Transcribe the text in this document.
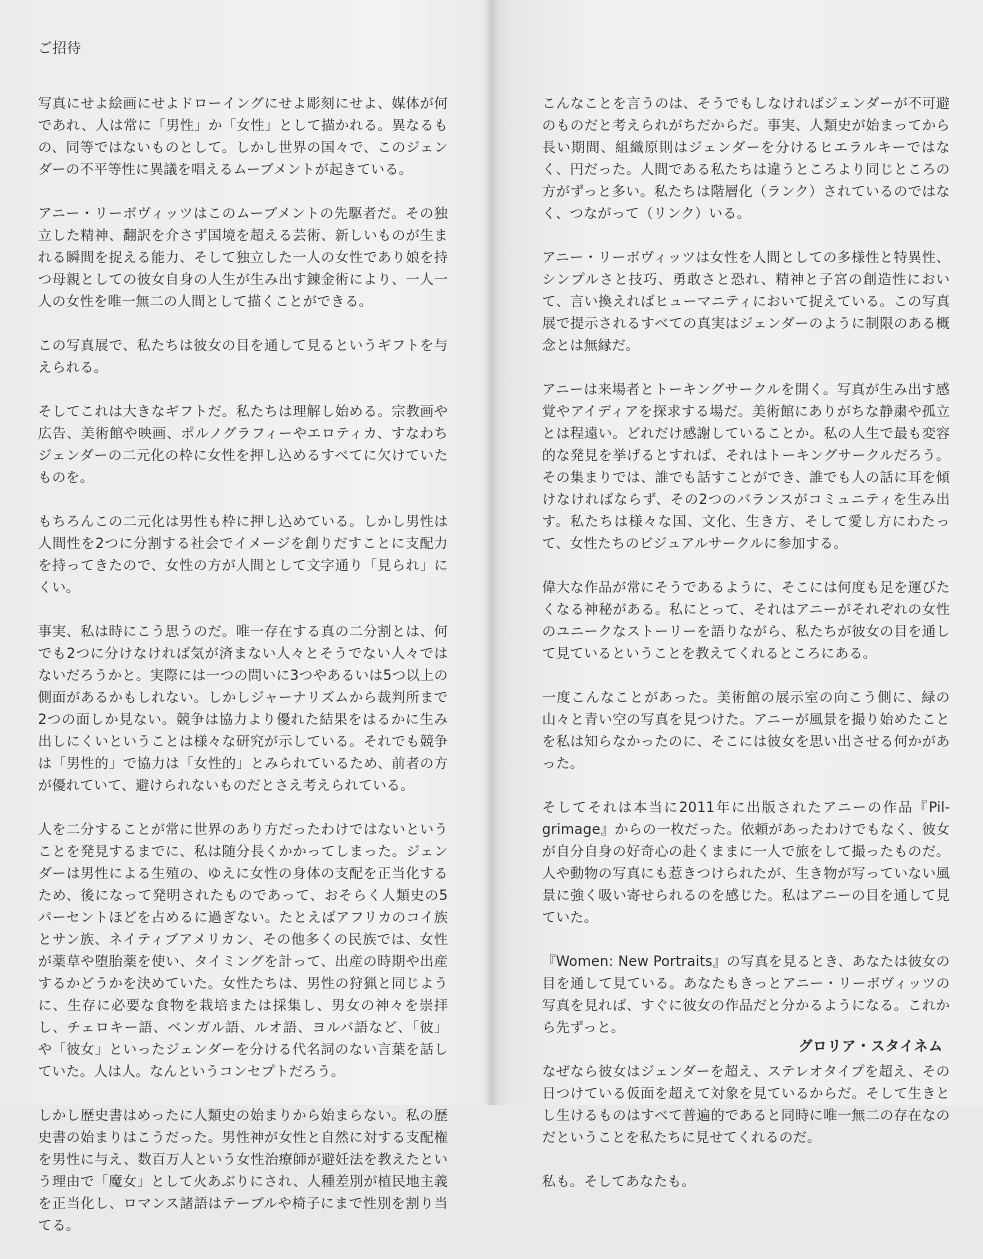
ご招待

写真にせよ絵画にせよドローイングにせよ彫刻にせよ、媒体が何であれ、人は常に「男性」か「女性」として描かれる。異なるもの、同等ではないものとして。しかし世界の国々で、このジェンダーの不平等性に異議を唱えるムーブメントが起きている。

アニー・リーボヴィッツはこのムーブメントの先駆者だ。その独立した精神、翻訳を介さず国境を超える芸術、新しいものが生まれる瞬間を捉える能力、そして独立した一人の女性であり娘を持つ母親としての彼女自身の人生が生み出す錬金術により、一人一人の女性を唯一無二の人間として描くことができる。

この写真展で、私たちは彼女の目を通して見るというギフトを与えられる。

そしてこれは大きなギフトだ。私たちは理解し始める。宗教画や広告、美術館や映画、ポルノグラフィーやエロティカ、すなわちジェンダーの二元化の枠に女性を押し込めるすべてに欠けていたものを。

もちろんこの二元化は男性も枠に押し込めている。しかし男性は人間性を2つに分割する社会でイメージを創りだすことに支配力を持ってきたので、女性の方が人間として文字通り「見られ」にくい。

事実、私は時にこう思うのだ。唯一存在する真の二分割とは、何でも2つに分けなければ気が済まない人々とそうでない人々ではないだろうかと。実際には一つの問いに3つやあるいは5つ以上の側面があるかもしれない。しかしジャーナリズムから裁判所まで2つの面しか見ない。競争は協力より優れた結果をはるかに生み出しにくいということは様々な研究が示している。それでも競争は「男性的」で協力は「女性的」とみられているため、前者の方が優れていて、避けられないものだとさえ考えられている。

人を二分することが常に世界のあり方だったわけではないということを発見するまでに、私は随分長くかかってしまった。ジェンダーは男性による生殖の、ゆえに女性の身体の支配を正当化するため、後になって発明されたものであって、おそらく人類史の5パーセントほどを占めるに過ぎない。たとえばアフリカのコイ族とサン族、ネイティブアメリカン、その他多くの民族では、女性が薬草や堕胎薬を使い、タイミングを計って、出産の時期や出産するかどうかを決めていた。女性たちは、男性の狩猟と同じように、生存に必要な食物を栽培または採集し、男女の神々を崇拝し、チェロキー語、ベンガル語、ルオ語、ヨルバ語など、「彼」や「彼女」といったジェンダーを分ける代名詞のない言葉を話していた。人は人。なんというコンセプトだろう。

しかし歴史書はめったに人類史の始まりから始まらない。私の歴史書の始まりはこうだった。男性神が女性と自然に対する支配権を男性に与え、数百万人という女性治療師が避妊法を教えたという理由で「魔女」として火あぶりにされ、人種差別が植民地主義を正当化し、ロマンス諸語はテーブルや椅子にまで性別を割り当てる。

こんなことを言うのは、そうでもしなければジェンダーが不可避のものだと考えられがちだからだ。事実、人類史が始まってから長い期間、組織原則はジェンダーを分けるヒエラルキーではなく、円だった。人間である私たちは違うところより同じところの方がずっと多い。私たちは階層化（ランク）されているのではなく、つながって（リンク）いる。

アニー・リーボヴィッツは女性を人間としての多様性と特異性、シンプルさと技巧、勇敢さと恐れ、精神と子宮の創造性において、言い換えればヒューマニティにおいて捉えている。この写真展で提示されるすべての真実はジェンダーのように制限のある概念とは無縁だ。

アニーは来場者とトーキングサークルを開く。写真が生み出す感覚やアイディアを探求する場だ。美術館にありがちな静粛や孤立とは程遠い。どれだけ感謝していることか。私の人生で最も変容的な発見を挙げるとすれば、それはトーキングサークルだろう。その集まりでは、誰でも話すことができ、誰でも人の話に耳を傾けなければならず、その2つのバランスがコミュニティを生み出す。私たちは様々な国、文化、生き方、そして愛し方にわたって、女性たちのビジュアルサークルに参加する。

偉大な作品が常にそうであるように、そこには何度も足を運びたくなる神秘がある。私にとって、それはアニーがそれぞれの女性のユニークなストーリーを語りながら、私たちが彼女の目を通して見ているということを教えてくれるところにある。

一度こんなことがあった。美術館の展示室の向こう側に、緑の山々と青い空の写真を見つけた。アニーが風景を撮り始めたことを私は知らなかったのに、そこには彼女を思い出させる何かがあった。

そしてそれは本当に2011年に出版されたアニーの作品『Pil-grimage』からの一枚だった。依頼があったわけでもなく、彼女が自分自身の好奇心の赴くままに一人で旅をして撮ったものだ。人や動物の写真にも惹きつけられたが、生き物が写っていない風景に強く吸い寄せられるのを感じた。私はアニーの目を通して見ていた。

『Women: New Portraits』の写真を見るとき、あなたは彼女の目を通して見ている。あなたもきっとアニー・リーボヴィッツの写真を見れば、すぐに彼女の作品だと分かるようになる。これから先ずっと。

なぜなら彼女はジェンダーを超え、ステレオタイプを超え、その日つけている仮面を超えて対象を見ているからだ。そして生きとし生けるものはすべて普遍的であると同時に唯一無二の存在なのだということを私たちに見せてくれるのだ。

私も。そしてあなたも。

グロリア・スタイネム
